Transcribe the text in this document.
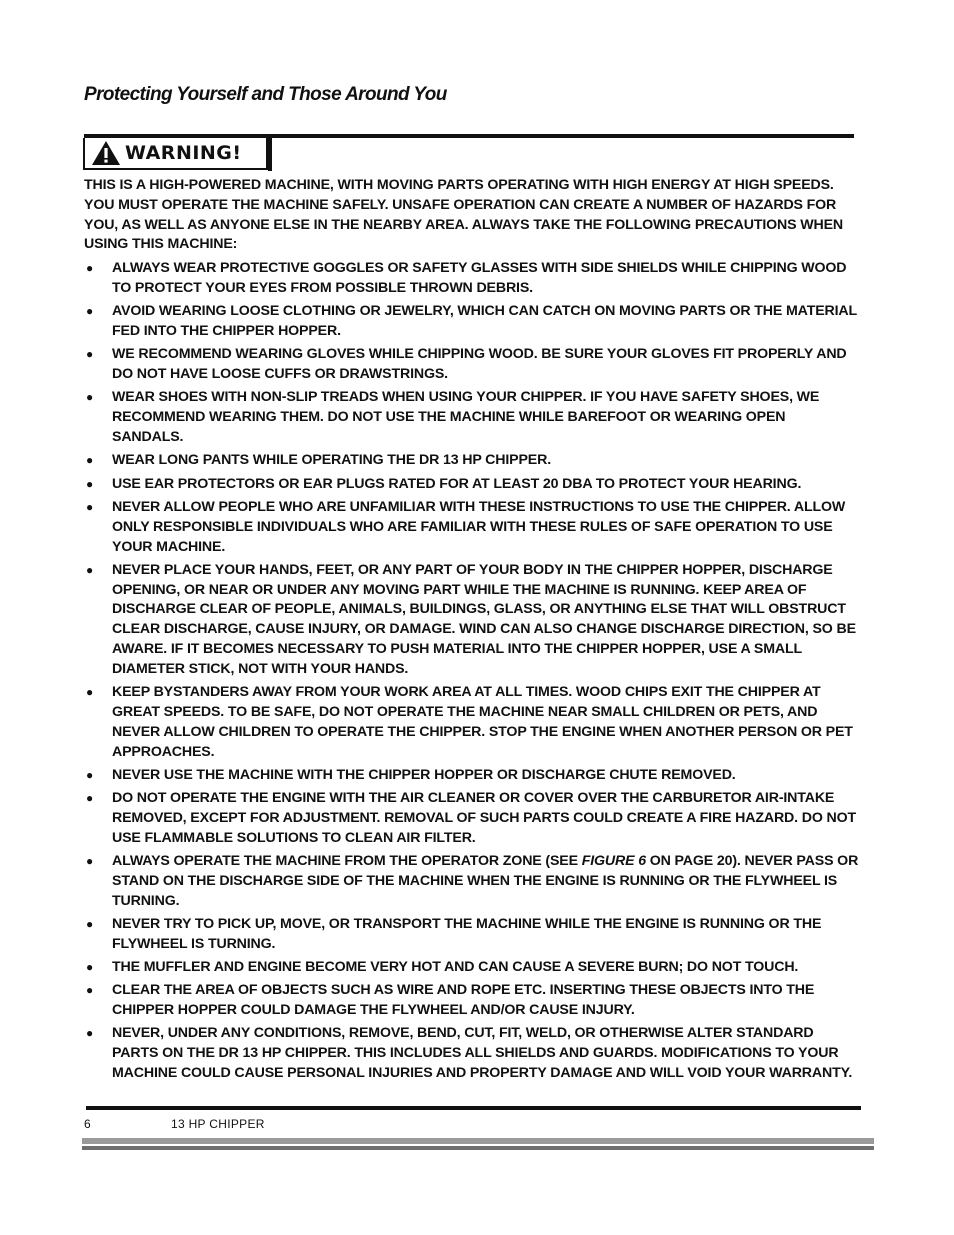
Protecting Yourself and Those Around You
WARNING!

THIS IS A HIGH-POWERED MACHINE, WITH MOVING PARTS OPERATING WITH HIGH ENERGY AT HIGH SPEEDS. YOU MUST OPERATE THE MACHINE SAFELY. UNSAFE OPERATION CAN CREATE A NUMBER OF HAZARDS FOR YOU, AS WELL AS ANYONE ELSE IN THE NEARBY AREA. ALWAYS TAKE THE FOLLOWING PRECAUTIONS WHEN USING THIS MACHINE:

● ALWAYS WEAR PROTECTIVE GOGGLES OR SAFETY GLASSES WITH SIDE SHIELDS WHILE CHIPPING WOOD TO PROTECT YOUR EYES FROM POSSIBLE THROWN DEBRIS.
● AVOID WEARING LOOSE CLOTHING OR JEWELRY, WHICH CAN CATCH ON MOVING PARTS OR THE MATERIAL FED INTO THE CHIPPER HOPPER.
● WE RECOMMEND WEARING GLOVES WHILE CHIPPING WOOD. BE SURE YOUR GLOVES FIT PROPERLY AND DO NOT HAVE LOOSE CUFFS OR DRAWSTRINGS.
● WEAR SHOES WITH NON-SLIP TREADS WHEN USING YOUR CHIPPER. IF YOU HAVE SAFETY SHOES, WE RECOMMEND WEARING THEM. DO NOT USE THE MACHINE WHILE BAREFOOT OR WEARING OPEN SANDALS.
● WEAR LONG PANTS WHILE OPERATING THE DR 13 HP CHIPPER.
● USE EAR PROTECTORS OR EAR PLUGS RATED FOR AT LEAST 20 DBA TO PROTECT YOUR HEARING.
● NEVER ALLOW PEOPLE WHO ARE UNFAMILIAR WITH THESE INSTRUCTIONS TO USE THE CHIPPER. ALLOW ONLY RESPONSIBLE INDIVIDUALS WHO ARE FAMILIAR WITH THESE RULES OF SAFE OPERATION TO USE YOUR MACHINE.
● NEVER PLACE YOUR HANDS, FEET, OR ANY PART OF YOUR BODY IN THE CHIPPER HOPPER, DISCHARGE OPENING, OR NEAR OR UNDER ANY MOVING PART WHILE THE MACHINE IS RUNNING. KEEP AREA OF DISCHARGE CLEAR OF PEOPLE, ANIMALS, BUILDINGS, GLASS, OR ANYTHING ELSE THAT WILL OBSTRUCT CLEAR DISCHARGE, CAUSE INJURY, OR DAMAGE. WIND CAN ALSO CHANGE DISCHARGE DIRECTION, SO BE AWARE. IF IT BECOMES NECESSARY TO PUSH MATERIAL INTO THE CHIPPER HOPPER, USE A SMALL DIAMETER STICK, NOT WITH YOUR HANDS.
● KEEP BYSTANDERS AWAY FROM YOUR WORK AREA AT ALL TIMES. WOOD CHIPS EXIT THE CHIPPER AT GREAT SPEEDS. TO BE SAFE, DO NOT OPERATE THE MACHINE NEAR SMALL CHILDREN OR PETS, AND NEVER ALLOW CHILDREN TO OPERATE THE CHIPPER. STOP THE ENGINE WHEN ANOTHER PERSON OR PET APPROACHES.
● NEVER USE THE MACHINE WITH THE CHIPPER HOPPER OR DISCHARGE CHUTE REMOVED.
● DO NOT OPERATE THE ENGINE WITH THE AIR CLEANER OR COVER OVER THE CARBURETOR AIR-INTAKE REMOVED, EXCEPT FOR ADJUSTMENT. REMOVAL OF SUCH PARTS COULD CREATE A FIRE HAZARD. DO NOT USE FLAMMABLE SOLUTIONS TO CLEAN AIR FILTER.
● ALWAYS OPERATE THE MACHINE FROM THE OPERATOR ZONE (SEE FIGURE 6 ON PAGE 20). NEVER PASS OR STAND ON THE DISCHARGE SIDE OF THE MACHINE WHEN THE ENGINE IS RUNNING OR THE FLYWHEEL IS TURNING.
● NEVER TRY TO PICK UP, MOVE, OR TRANSPORT THE MACHINE WHILE THE ENGINE IS RUNNING OR THE FLYWHEEL IS TURNING.
● THE MUFFLER AND ENGINE BECOME VERY HOT AND CAN CAUSE A SEVERE BURN; DO NOT TOUCH.
● CLEAR THE AREA OF OBJECTS SUCH AS WIRE AND ROPE ETC. INSERTING THESE OBJECTS INTO THE CHIPPER HOPPER COULD DAMAGE THE FLYWHEEL AND/OR CAUSE INJURY.
● NEVER, UNDER ANY CONDITIONS, REMOVE, BEND, CUT, FIT, WELD, OR OTHERWISE ALTER STANDARD PARTS ON THE DR 13 HP CHIPPER. THIS INCLUDES ALL SHIELDS AND GUARDS. MODIFICATIONS TO YOUR MACHINE COULD CAUSE PERSONAL INJURIES AND PROPERTY DAMAGE AND WILL VOID YOUR WARRANTY.
6	13 HP CHIPPER
